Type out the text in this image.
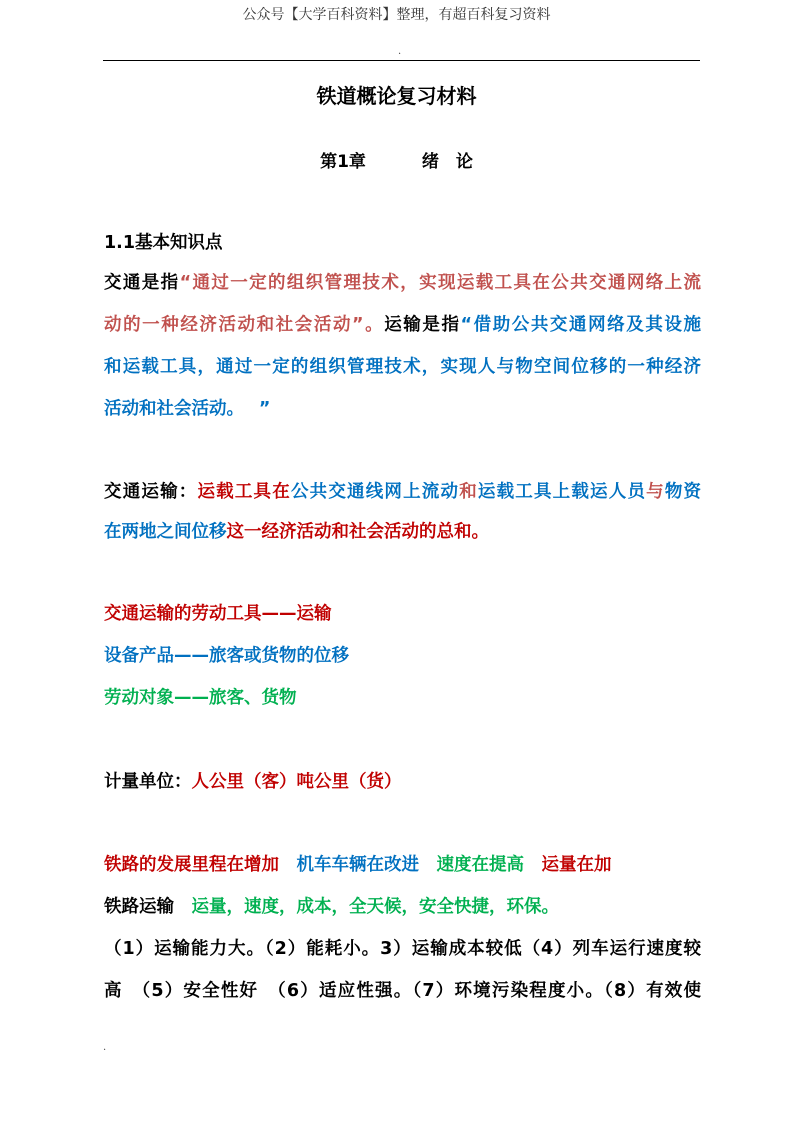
公众号【大学百科资料】整理，有超百科复习资料
.
铁道概论复习材料
第1章	绪　论
1.1基本知识点
交通是指“通过一定的组织管理技术，实现运载工具在公共交通网络上流
动的一种经济活动和社会活动”。运输是指“借助公共交通网络及其设施
和运载工具，通过一定的组织管理技术，实现人与物空间位移的一种经济
活动和社会活动。　 ”
交通运输：运载工具在公共交通线网上流动和运载工具上载运人员与物资
在两地之间位移这一经济活动和社会活动的总和。
交通运输的劳动工具——运输
设备产品——旅客或货物的位移
劳动对象——旅客、货物
计量单位：人公里（客）吨公里（货）
铁路的发展里程在增加　机车车辆在改进　速度在提高　运量在加
铁路运输　运量，速度，成本，全天候，安全快捷，环保。
（1）运输能力大。（2）能耗小。3）运输成本较低（4）列车运行速度较
高　（5）安全性好　（6）适应性强。（7）环境污染程度小。（8）有效使
.
